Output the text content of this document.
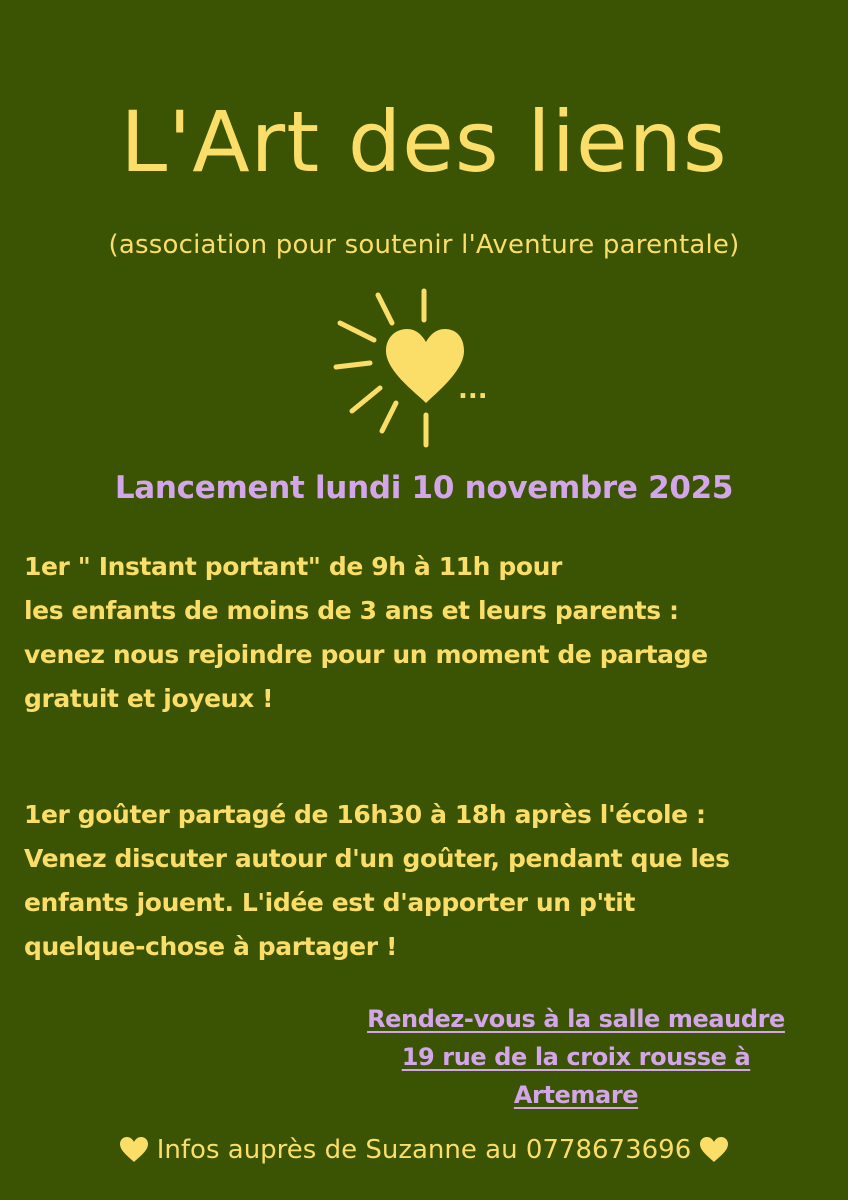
L'Art des liens
(association pour soutenir l'Aventure parentale)
...
Lancement lundi 10 novembre 2025
1er " Instant portant" de 9h à 11h pour
les enfants de moins de 3 ans et leurs parents :
venez nous rejoindre pour un moment de partage
gratuit et joyeux !
1er goûter partagé de 16h30 à 18h après l'école :
Venez discuter autour d'un goûter, pendant que les
enfants jouent. L'idée est d'apporter un p'tit
quelque-chose à partager !
Rendez-vous à la salle meaudre
19 rue de la croix rousse à
Artemare
Infos auprès de Suzanne au 0778673696
